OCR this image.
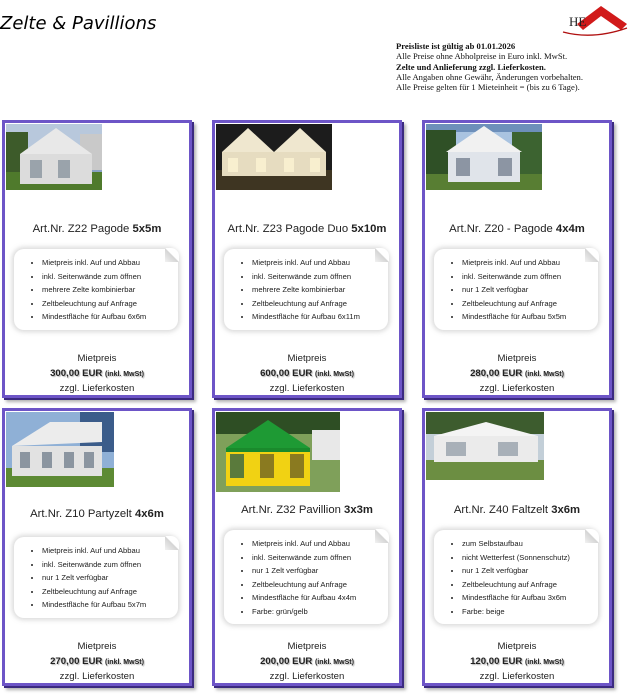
Zelte & Pavillions	HE
Preisliste ist gültig ab 01.01.2026
Alle Preise ohne Abholpreise in Euro inkl. MwSt.
Zelte und Anlieferung zzgl. Lieferkosten.
Alle Angaben ohne Gewähr, Änderungen vorbehalten.
Alle Preise gelten für 1 Mieteinheit = (bis zu 6 Tage).
Art.Nr. Z22 Pagode 5x5m
• Mietpreis inkl. Auf und Abbau
• inkl. Seitenwände zum öffnen
• mehrere Zelte kombinierbar
• Zeltbeleuchtung auf Anfrage
• Mindestfläche für Aufbau 6x6m
Mietpreis
300,00 EUR (inkl. MwSt)
zzgl. Lieferkosten
Art.Nr. Z23 Pagode Duo 5x10m
• Mietpreis inkl. Auf und Abbau
• inkl. Seitenwände zum öffnen
• mehrere Zelte kombinierbar
• Zeltbeleuchtung auf Anfrage
• Mindestfläche für Aufbau 6x11m
Mietpreis
600,00 EUR (inkl. MwSt)
zzgl. Lieferkosten
Art.Nr. Z20 - Pagode 4x4m
• Mietpreis inkl. Auf und Abbau
• inkl. Seitenwände zum öffnen
• nur 1 Zelt verfügbar
• Zeltbeleuchtung auf Anfrage
• Mindestfläche für Aufbau 5x5m
Mietpreis
280,00 EUR (inkl. MwSt)
zzgl. Lieferkosten
Art.Nr. Z10 Partyzelt 4x6m
• Mietpreis inkl. Auf und Abbau
• inkl. Seitenwände zum öffnen
• nur 1 Zelt verfügbar
• Zeltbeleuchtung auf Anfrage
• Mindestfläche für Aufbau 5x7m
Mietpreis
270,00 EUR (inkl. MwSt)
zzgl. Lieferkosten
Art.Nr. Z32 Pavillion 3x3m
• Mietpreis inkl. Auf und Abbau
• inkl. Seitenwände zum öffnen
• nur 1 Zelt verfügbar
• Zeltbeleuchtung auf Anfrage
• Mindestfläche für Aufbau 4x4m
• Farbe: grün/gelb
Mietpreis
200,00 EUR (inkl. MwSt)
zzgl. Lieferkosten
Art.Nr. Z40 Faltzelt 3x6m
• zum Selbstaufbau
• nicht Wetterfest (Sonnenschutz)
• nur 1 Zelt verfügbar
• Zeltbeleuchtung auf Anfrage
• Mindestfläche für Aufbau 3x6m
• Farbe: beige
Mietpreis
120,00 EUR (inkl. MwSt)
zzgl. Lieferkosten
